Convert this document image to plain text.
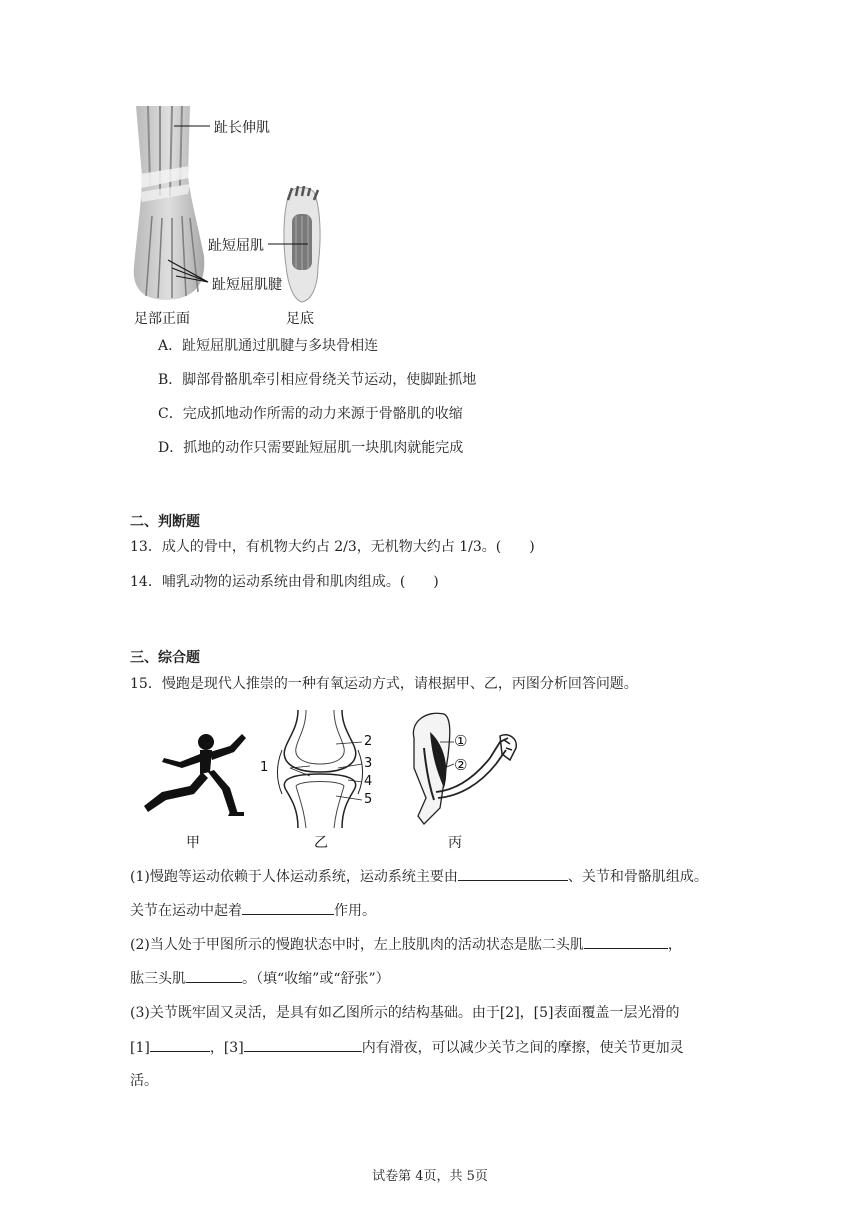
趾长伸肌
趾短屈肌
趾短屈肌腱
足部正面	足底
A．趾短屈肌通过肌腱与多块骨相连
B．脚部骨骼肌牵引相应骨绕关节运动，使脚趾抓地
C．完成抓地动作所需的动力来源于骨骼肌的收缩
D．抓地的动作只需要趾短屈肌一块肌肉就能完成
二、判断题
13．成人的骨中，有机物大约占 2/3，无机物大约占 1/3。(　　)
14．哺乳动物的运动系统由骨和肌肉组成。(　　)
三、综合题
15．慢跑是现代人推崇的一种有氧运动方式，请根据甲、乙，丙图分析回答问题。
1
2
3
4
5
①
②
甲	乙	丙
(1)慢跑等运动依赖于人体运动系统，运动系统主要由	、关节和骨骼肌组成。
关节在运动中起着	作用。
(2)当人处于甲图所示的慢跑状态中时，左上肢肌肉的活动状态是肱二头肌	，
肱三头肌	。（填“收缩”或“舒张”）
(3)关节既牢固又灵活，是具有如乙图所示的结构基础。由于[2]，[5]表面覆盖一层光滑的
[1]	，[3]	内有滑夜，可以减少关节之间的摩擦，使关节更加灵
活。
试卷第 4页，共 5页
